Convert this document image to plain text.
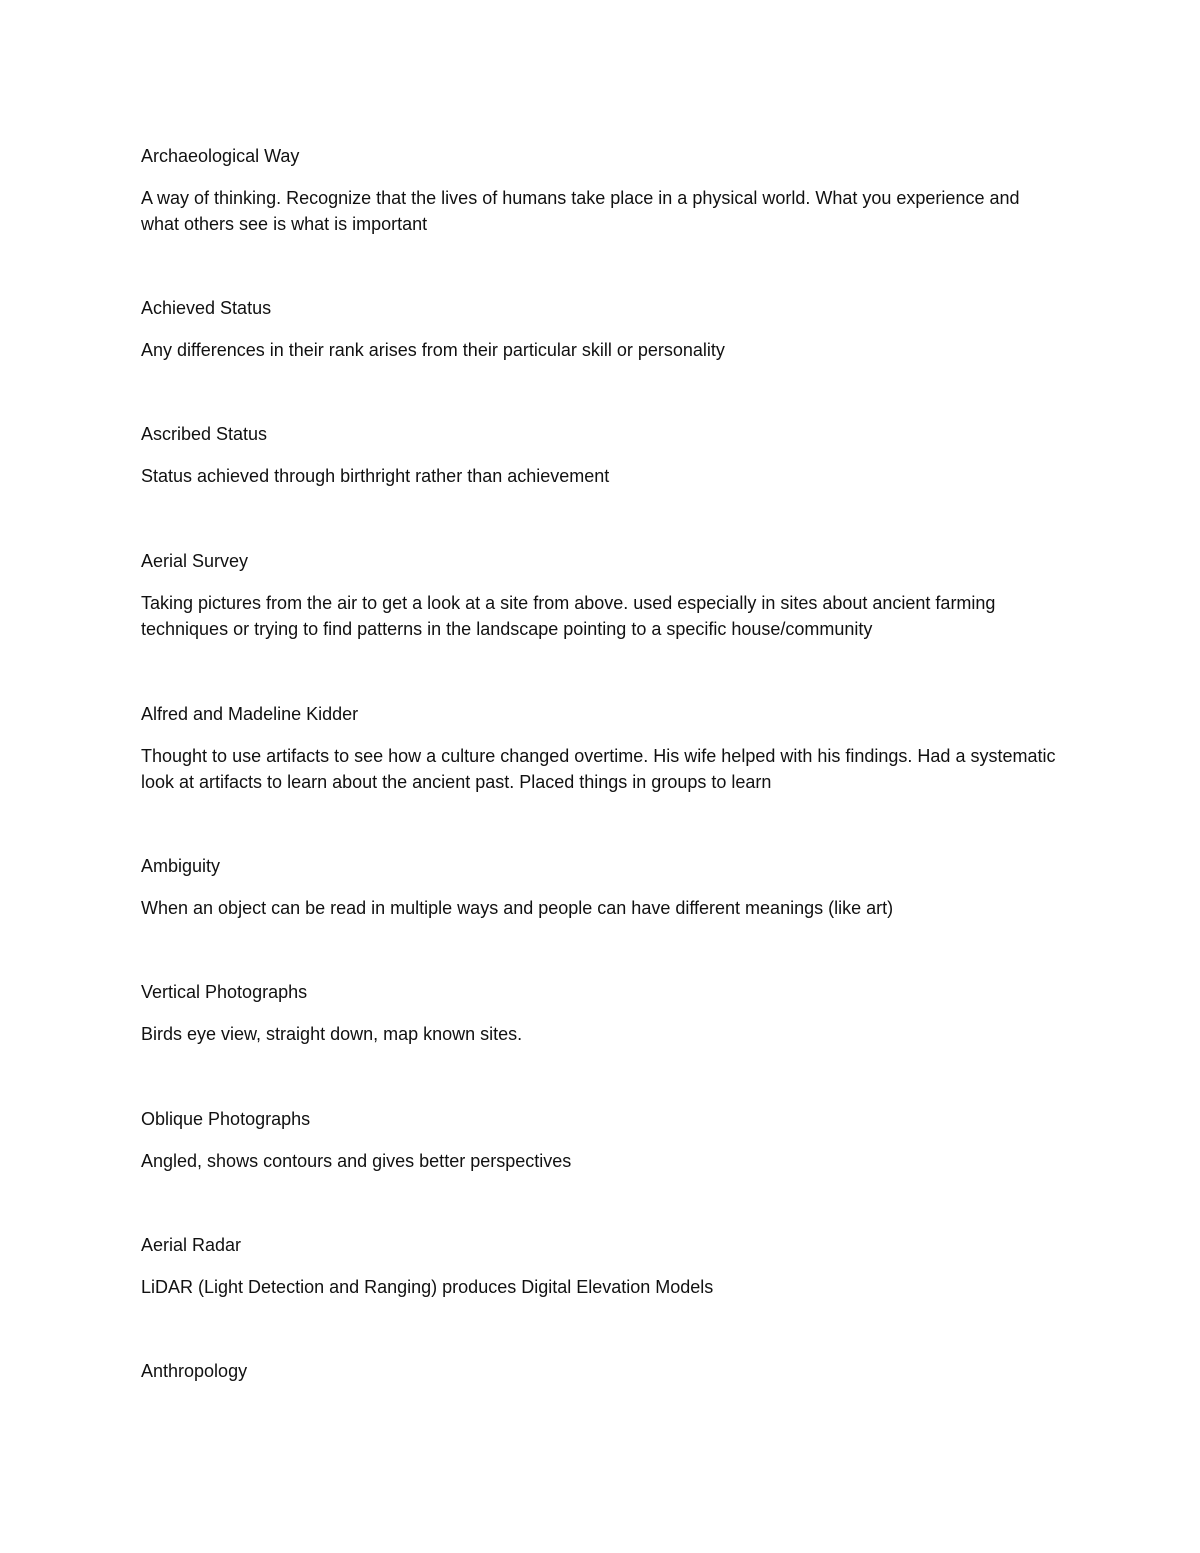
Archaeological Way

A way of thinking. Recognize that the lives of humans take place in a physical world. What you experience and what others see is what is important

Achieved Status

Any differences in their rank arises from their particular skill or personality

Ascribed Status

Status achieved through birthright rather than achievement

Aerial Survey

Taking pictures from the air to get a look at a site from above. used especially in sites about ancient farming techniques or trying to find patterns in the landscape pointing to a specific house/community

Alfred and Madeline Kidder

Thought to use artifacts to see how a culture changed overtime. His wife helped with his findings. Had a systematic look at artifacts to learn about the ancient past. Placed things in groups to learn

Ambiguity

When an object can be read in multiple ways and people can have different meanings (like art)

Vertical Photographs

Birds eye view, straight down, map known sites.

Oblique Photographs

Angled, shows contours and gives better perspectives

Aerial Radar

LiDAR (Light Detection and Ranging) produces Digital Elevation Models

Anthropology
